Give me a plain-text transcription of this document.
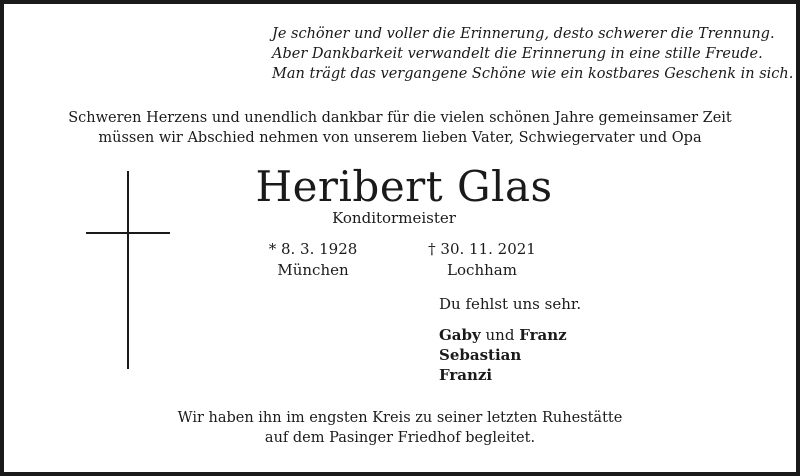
Je schöner und voller die Erinnerung, desto schwerer die Trennung.
Aber Dankbarkeit verwandelt die Erinnerung in eine stille Freude.
Man trägt das vergangene Schöne wie ein kostbares Geschenk in sich.
Schweren Herzens und unendlich dankbar für die vielen schönen Jahre gemeinsamer Zeit
müssen wir Abschied nehmen von unserem lieben Vater, Schwiegervater und Opa
Heribert Glas
Konditormeister
* 8. 3. 1928
München
† 30. 11. 2021
Lochham
Du fehlst uns sehr.
Gaby und Franz
Sebastian
Franzi
Wir haben ihn im engsten Kreis zu seiner letzten Ruhestätte
auf dem Pasinger Friedhof begleitet.
